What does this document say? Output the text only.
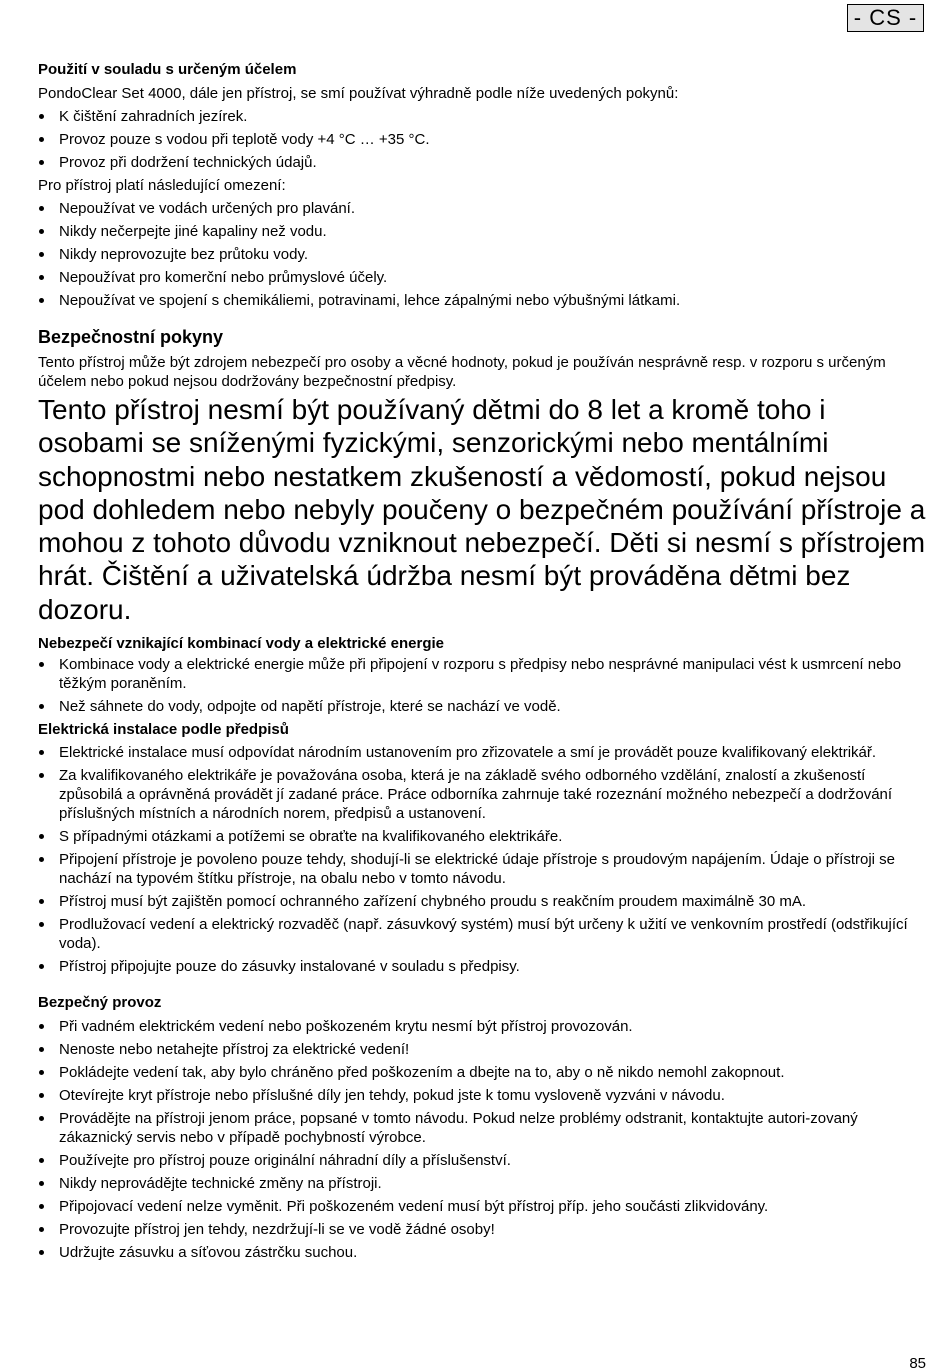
- CS -
Použití v souladu s určeným účelem

PondoClear Set 4000, dále jen přístroj, se smí používat výhradně podle níže uvedených pokynů:

K čištění zahradních jezírek.
Provoz pouze s vodou při teplotě vody +4 °C … +35 °C.
Provoz při dodržení technických údajů.

Pro přístroj platí následující omezení:

Nepoužívat ve vodách určených pro plavání.
Nikdy nečerpejte jiné kapaliny než vodu.
Nikdy neprovozujte bez průtoku vody.
Nepoužívat pro komerční nebo průmyslové účely.
Nepoužívat ve spojení s chemikáliemi, potravinami, lehce zápalnými nebo výbušnými látkami.
Bezpečnostní pokyny

Tento přístroj může být zdrojem nebezpečí pro osoby a věcné hodnoty, pokud je používán nesprávně resp. v rozporu s určeným účelem nebo pokud nejsou dodržovány bezpečnostní předpisy.

Tento přístroj nesmí být používaný dětmi do 8 let a kromě toho i osobami se sníženými fyzickými, senzorickými nebo mentálními schopnostmi nebo nestatkem zkušeností a vědomostí, pokud nejsou pod dohledem nebo nebyly poučeny o bezpečném používání přístroje a mohou z tohoto důvodu vzniknout nebezpečí. Děti si nesmí s přístrojem hrát. Čištění a uživatelská údržba nesmí být prováděna dětmi bez dozoru.

Nebezpečí vznikající kombinací vody a elektrické energie
Kombinace vody a elektrické energie může při připojení v rozporu s předpisy nebo nesprávné manipulaci vést k usmrcení nebo těžkým poraněním.
Než sáhnete do vody, odpojte od napětí přístroje, které se nachází ve vodě.
Elektrická instalace podle předpisů
Elektrické instalace musí odpovídat národním ustanovením pro zřizovatele a smí je provádět pouze kvalifikovaný elektrikář.
Za kvalifikovaného elektrikáře je považována osoba, která je na základě svého odborného vzdělání, znalostí a zkušeností způsobilá a oprávněná provádět jí zadané práce. Práce odborníka zahrnuje také rozeznání možného nebezpečí a dodržování příslušných místních a národních norem, předpisů a ustanovení.
S případnými otázkami a potížemi se obraťte na kvalifikovaného elektrikáře.
Připojení přístroje je povoleno pouze tehdy, shodují-li se elektrické údaje přístroje s proudovým napájením. Údaje o přístroji se nachází na typovém štítku přístroje, na obalu nebo v tomto návodu.
Přístroj musí být zajištěn pomocí ochranného zařízení chybného proudu s reakčním proudem maximálně 30 mA.
Prodlužovací vedení a elektrický rozvaděč (např. zásuvkový systém) musí být určeny k užití ve venkovním prostředí (odstřikující voda).
Přístroj připojujte pouze do zásuvky instalované v souladu s předpisy.
Bezpečný provoz
Při vadném elektrickém vedení nebo poškozeném krytu nesmí být přístroj provozován.
Nenoste nebo netahejte přístroj za elektrické vedení!
Pokládejte vedení tak, aby bylo chráněno před poškozením a dbejte na to, aby o ně nikdo nemohl zakopnout.
Otevírejte kryt přístroje nebo příslušné díly jen tehdy, pokud jste k tomu vysloveně vyzváni v návodu.
Provádějte na přístroji jenom práce, popsané v tomto návodu. Pokud nelze problémy odstranit, kontaktujte autori-zovaný zákaznický servis nebo v případě pochybností výrobce.
Používejte pro přístroj pouze originální náhradní díly a příslušenství.
Nikdy neprovádějte technické změny na přístroji.
Připojovací vedení nelze vyměnit. Při poškozeném vedení musí být přístroj příp. jeho součásti zlikvidovány.
Provozujte přístroj jen tehdy, nezdržují-li se ve vodě žádné osoby!
Udržujte zásuvku a síťovou zástrčku suchou.
85
